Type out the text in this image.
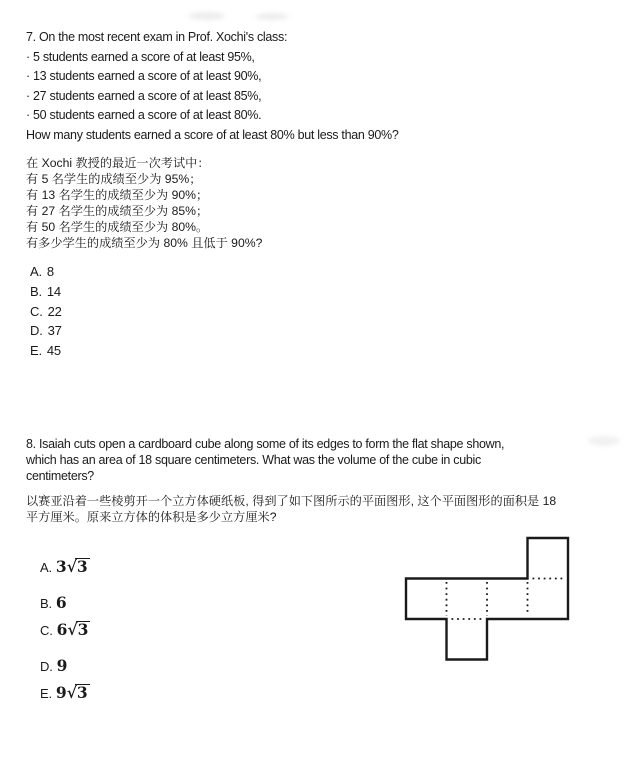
7. On the most recent exam in Prof. Xochi's class:
· 5 students earned a score of at least 95%,
· 13 students earned a score of at least 90%,
· 27 students earned a score of at least 85%,
· 50 students earned a score of at least 80%.
How many students earned a score of at least 80% but less than 90%?
在 Xochi 教授的最近一次考试中：
有 5 名学生的成绩至少为 95%；
有 13 名学生的成绩至少为 90%；
有 27 名学生的成绩至少为 85%；
有 50 名学生的成绩至少为 80%。
有多少学生的成绩至少为 80% 且低于 90%?
A. 8
B. 14
C. 22
D. 37
E. 45
8. Isaiah cuts open a cardboard cube along some of its edges to form the flat shape shown,
which has an area of 18 square centimeters. What was the volume of the cube in cubic
centimeters?
以赛亚沿着一些棱剪开一个立方体硬纸板, 得到了如下图所示的平面图形, 这个平面图形的面积是 18
平方厘米。原来立方体的体积是多少立方厘米?
A. 3√3
B. 6
C. 6√3
D. 9
E. 9√3
